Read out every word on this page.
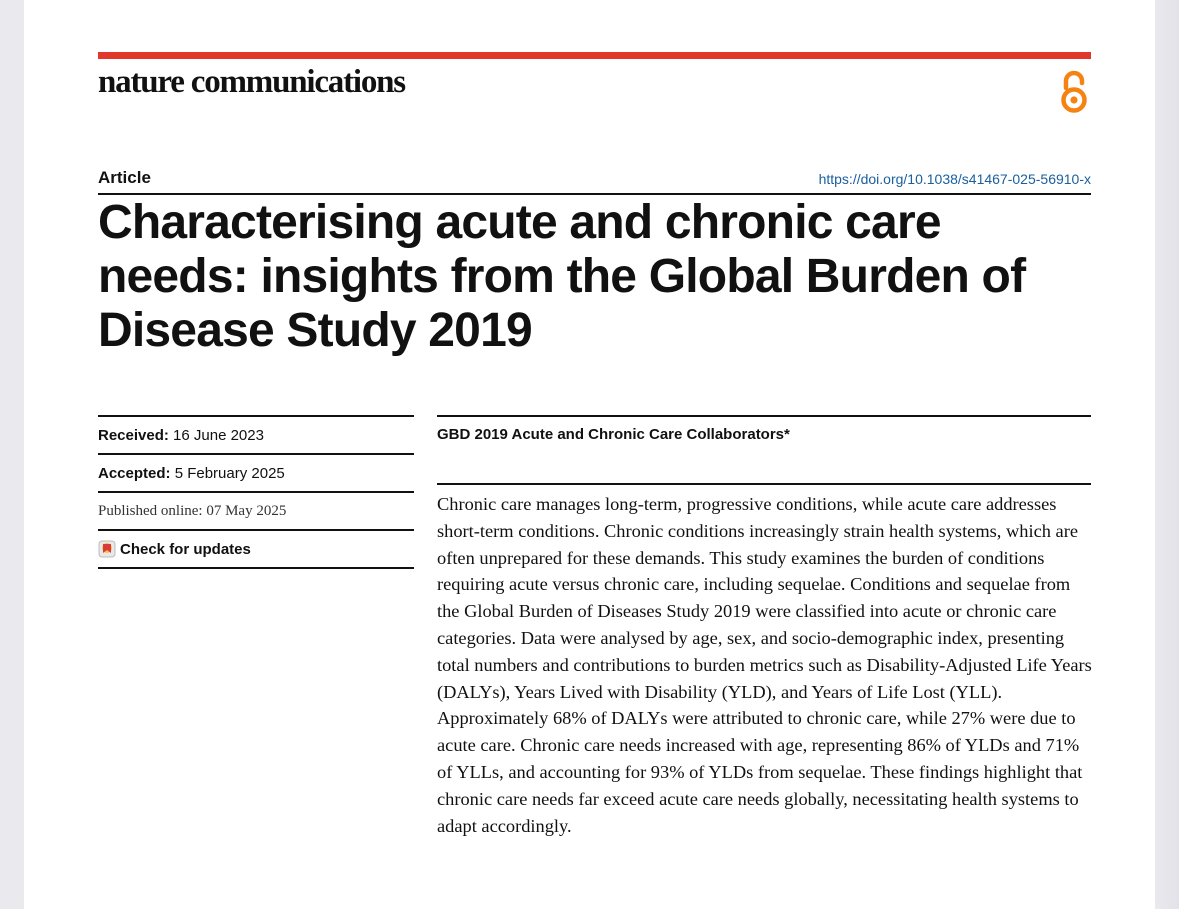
nature communications
Article	https://doi.org/10.1038/s41467-025-56910-x
Characterising acute and chronic care needs: insights from the Global Burden of Disease Study 2019
Received:
16 June 2023
Accepted:
5 February 2025
Published online: 07 May 2025
Check for updates
GBD 2019 Acute and Chronic Care Collaborators*

Chronic care manages long-term, progressive conditions, while acute care addresses short-term conditions. Chronic conditions increasingly strain health systems, which are often unprepared for these demands. This study examines the burden of conditions requiring acute versus chronic care, including sequelae. Conditions and sequelae from the Global Burden of Diseases Study 2019 were classified into acute or chronic care categories. Data were analysed by age, sex, and socio-demographic index, presenting total numbers and contributions to burden metrics such as Disability-Adjusted Life Years (DALYs), Years Lived with Disability (YLD), and Years of Life Lost (YLL). Approximately 68% of DALYs were attributed to chronic care, while 27% were due to acute care. Chronic care needs increased with age, representing 86% of YLDs and 71% of YLLs, and accounting for 93% of YLDs from sequelae. These findings highlight that chronic care needs far exceed acute care needs globally, necessitating health systems to adapt accordingly.
